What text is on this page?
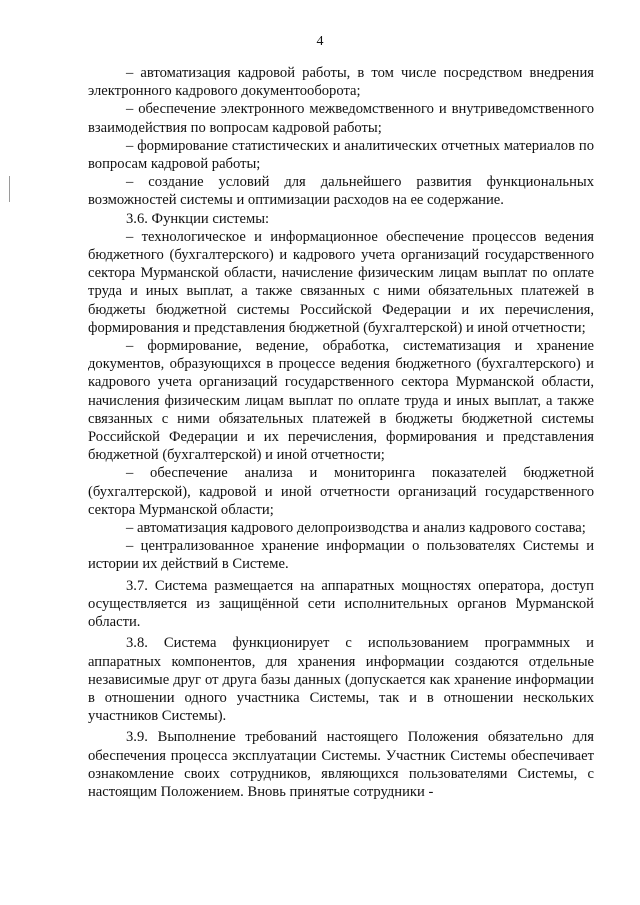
4

– автоматизация кадровой работы, в том числе посредством внедрения электронного кадрового документооборота;

– обеспечение электронного межведомственного и внутриведомственного взаимодействия по вопросам кадровой работы;

– формирование статистических и аналитических отчетных материалов по вопросам кадровой работы;

– создание условий для дальнейшего развития функциональных возможностей системы и оптимизации расходов на ее содержание.

3.6. Функции системы:

– технологическое и информационное обеспечение процессов ведения бюджетного (бухгалтерского) и кадрового учета организаций государственного сектора Мурманской области, начисление физическим лицам выплат по оплате труда и иных выплат, а также связанных с ними обязательных платежей в бюджеты бюджетной системы Российской Федерации и их перечисления, формирования и представления бюджетной (бухгалтерской) и иной отчетности;

– формирование, ведение, обработка, систематизация и хранение документов, образующихся в процессе ведения бюджетного (бухгалтерского) и кадрового учета организаций государственного сектора Мурманской области, начисления физическим лицам выплат по оплате труда и иных выплат, а также связанных с ними обязательных платежей в бюджеты бюджетной системы Российской Федерации и их перечисления, формирования и представления бюджетной (бухгалтерской) и иной отчетности;

– обеспечение анализа и мониторинга показателей бюджетной (бухгалтерской), кадровой и иной отчетности организаций государственного сектора Мурманской области;

– автоматизация кадрового делопроизводства и анализ кадрового состава;

– централизованное хранение информации о пользователях Системы и истории их действий в Системе.

3.7. Система размещается на аппаратных мощностях оператора, доступ осуществляется из защищённой сети исполнительных органов Мурманской области.

3.8. Система функционирует с использованием программных и аппаратных компонентов, для хранения информации создаются отдельные независимые друг от друга базы данных (допускается как хранение информации в отношении одного участника Системы, так и в отношении нескольких участников Системы).

3.9. Выполнение требований настоящего Положения обязательно для обеспечения процесса эксплуатации Системы. Участник Системы обеспечивает ознакомление своих сотрудников, являющихся пользователями Системы, с настоящим Положением. Вновь принятые сотрудники -
